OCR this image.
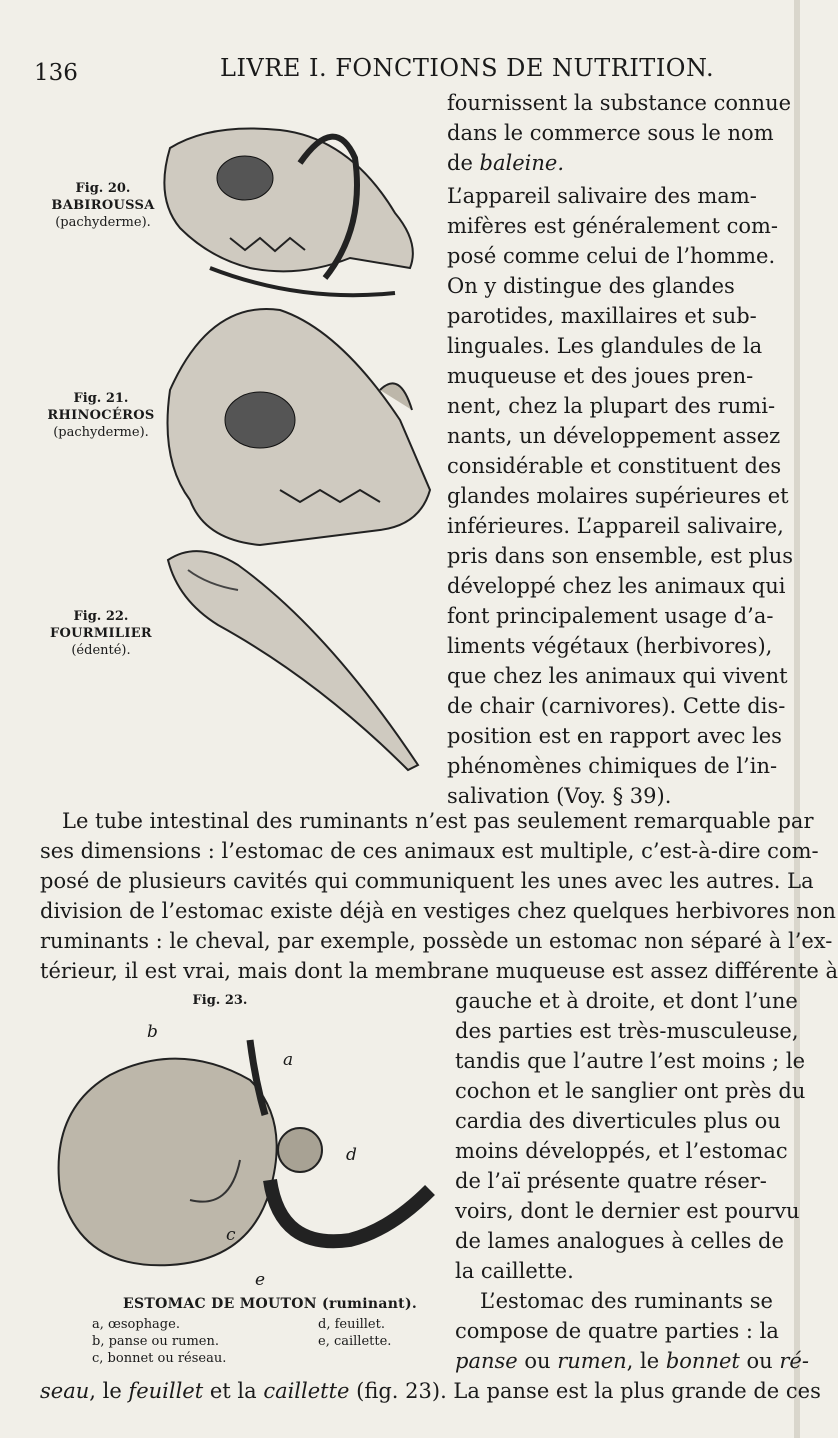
136	LIVRE I. FONCTIONS DE NUTRITION.
Fig. 20.
BABIROUSSA
(pachyderme).
Fig. 21.
RHINOCÉROS
(pachyderme).
Fig. 22.
FOURMILIER
(édenté).
fournissent la substance connue
dans le commerce sous le nom
de baleine.
L’appareil salivaire des mam-
mifères est généralement com-
posé comme celui de l’homme.
On y distingue des glandes
parotides, maxillaires et sub-
linguales. Les glandules de la
muqueuse et des joues pren-
nent, chez la plupart des rumi-
nants, un développement assez
considérable et constituent des
glandes molaires supérieures et
inférieures. L’appareil salivaire,
pris dans son ensemble, est plus
développé chez les animaux qui
font principalement usage d’a-
liments végétaux (herbivores),
que chez les animaux qui vivent
de chair (carnivores). Cette dis-
position est en rapport avec les
phénomènes chimiques de l’in-
salivation (Voy. § 39).
Le tube intestinal des ruminants n’est pas seulement remarquable par
ses dimensions : l’estomac de ces animaux est multiple, c’est-à-dire com-
posé de plusieurs cavités qui communiquent les unes avec les autres. La
division de l’estomac existe déjà en vestiges chez quelques herbivores non
ruminants : le cheval, par exemple, possède un estomac non séparé à l’ex-
térieur, il est vrai, mais dont la membrane muqueuse est assez différente à
Fig. 23.
b
a
d
c
e
ESTOMAC DE MOUTON (ruminant).
a, œsophage.
b, panse ou rumen.
c, bonnet ou réseau.
d, feuillet.
e, caillette.
gauche et à droite, et dont l’une
des parties est très-musculeuse,
tandis que l’autre l’est moins ; le
cochon et le sanglier ont près du
cardia des diverticules plus ou
moins développés, et l’estomac
de l’aï présente quatre réser-
voirs, dont le dernier est pourvu
de lames analogues à celles de
la caillette.
L’estomac des ruminants se
compose de quatre parties : la
panse ou rumen, le bonnet ou ré-
seau, le feuillet et la caillette (fig. 23). La panse est la plus grande de ces
